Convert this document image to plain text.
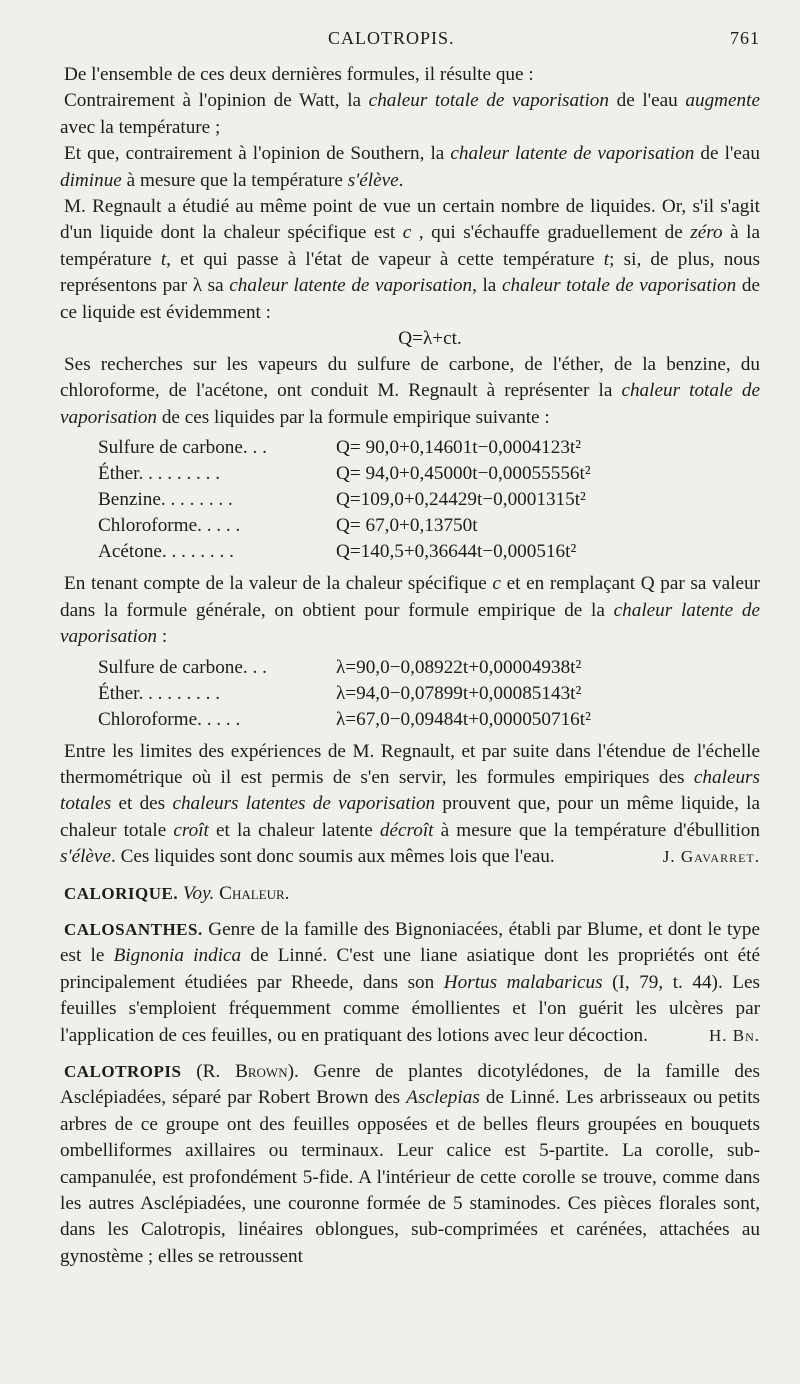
CALOTROPIS.	761

De l'ensemble de ces deux dernières formules, il résulte que :

Contrairement à l'opinion de Watt, la chaleur totale de vaporisation de l'eau augmente avec la température ;

Et que, contrairement à l'opinion de Southern, la chaleur latente de vaporisation de l'eau diminue à mesure que la température s'élève.

M. Regnault a étudié au même point de vue un certain nombre de liquides. Or, s'il s'agit d'un liquide dont la chaleur spécifique est c , qui s'échauffe graduellement de zéro à la température t, et qui passe à l'état de vapeur à cette température t; si, de plus, nous représentons par λ sa chaleur latente de vaporisation, la chaleur totale de vaporisation de ce liquide est évidemment :

Q=λ+ct.

Ses recherches sur les vapeurs du sulfure de carbone, de l'éther, de la benzine, du chloroforme, de l'acétone, ont conduit M. Regnault à représenter la chaleur totale de vaporisation de ces liquides par la formule empirique suivante :

Sulfure de carbone. . .	Q= 90,0+0,14601t−0,0004123t²
Éther. . . . . . . . .	Q= 94,0+0,45000t−0,00055556t²
Benzine. . . . . . . .	Q=109,0+0,24429t−0,0001315t²
Chloroforme. . . . .	Q= 67,0+0,13750t
Acétone. . . . . . . .	Q=140,5+0,36644t−0,000516t²

En tenant compte de la valeur de la chaleur spécifique c et en remplaçant Q par sa valeur dans la formule générale, on obtient pour formule empirique de la chaleur latente de vaporisation :

Sulfure de carbone. . .	λ=90,0−0,08922t+0,00004938t²
Éther. . . . . . . . .	λ=94,0−0,07899t+0,00085143t²
Chloroforme. . . . .	λ=67,0−0,09484t+0,000050716t²

Entre les limites des expériences de M. Regnault, et par suite dans l'étendue de l'échelle thermométrique où il est permis de s'en servir, les formules empiriques des chaleurs totales et des chaleurs latentes de vaporisation prouvent que, pour un même liquide, la chaleur totale croît et la chaleur latente décroît à mesure que la température d'ébullition s'élève. Ces liquides sont donc soumis aux mêmes lois que l'eau.	J. Gavarret.

CALORIQUE. Voy. Chaleur.

CALOSANTHES. Genre de la famille des Bignoniacées, établi par Blume, et dont le type est le Bignonia indica de Linné. C'est une liane asiatique dont les propriétés ont été principalement étudiées par Rheede, dans son Hortus malabaricus (I, 79, t. 44). Les feuilles s'emploient fréquemment comme émollientes et l'on guérit les ulcères par l'application de ces feuilles, ou en pratiquant des lotions avec leur décoction.	H. Bn.

CALOTROPIS (R. Brown). Genre de plantes dicotylédones, de la famille des Asclépiadées, séparé par Robert Brown des Asclepias de Linné. Les arbrisseaux ou petits arbres de ce groupe ont des feuilles opposées et de belles fleurs groupées en bouquets ombelliformes axillaires ou terminaux. Leur calice est 5-partite. La corolle, sub-campanulée, est profondément 5-fide. A l'intérieur de cette corolle se trouve, comme dans les autres Asclépiadées, une couronne formée de 5 staminodes. Ces pièces florales sont, dans les Calotropis, linéaires oblongues, sub-comprimées et carénées, attachées au gynostème ; elles se retroussent
